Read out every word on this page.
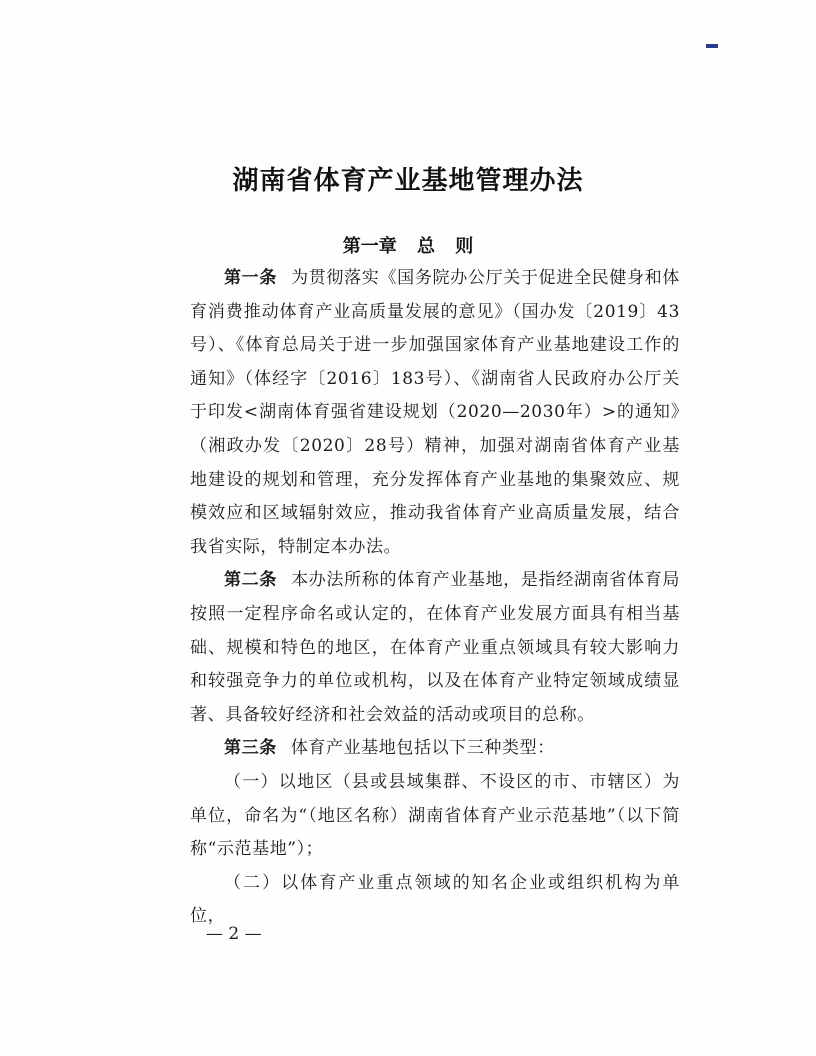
湖南省体育产业基地管理办法
第一章 总 则

第一条 为贯彻落实《国务院办公厅关于促进全民健身和体育消费推动体育产业高质量发展的意见》（国办发〔2019〕43号）、《体育总局关于进一步加强国家体育产业基地建设工作的通知》（体经字〔2016〕183号）、《湖南省人民政府办公厅关于印发<湖南体育强省建设规划（2020—2030年）>的通知》（湘政办发〔2020〕28号）精神，加强对湖南省体育产业基地建设的规划和管理，充分发挥体育产业基地的集聚效应、规模效应和区域辐射效应，推动我省体育产业高质量发展，结合我省实际，特制定本办法。

第二条 本办法所称的体育产业基地，是指经湖南省体育局按照一定程序命名或认定的，在体育产业发展方面具有相当基础、规模和特色的地区，在体育产业重点领域具有较大影响力和较强竞争力的单位或机构，以及在体育产业特定领域成绩显著、具备较好经济和社会效益的活动或项目的总称。

第三条 体育产业基地包括以下三种类型：

（一）以地区（县或县域集群、不设区的市、市辖区）为单位，命名为“（地区名称）湖南省体育产业示范基地”（以下简称“示范基地”）；

（二）以体育产业重点领域的知名企业或组织机构为单位，

— 2 —
